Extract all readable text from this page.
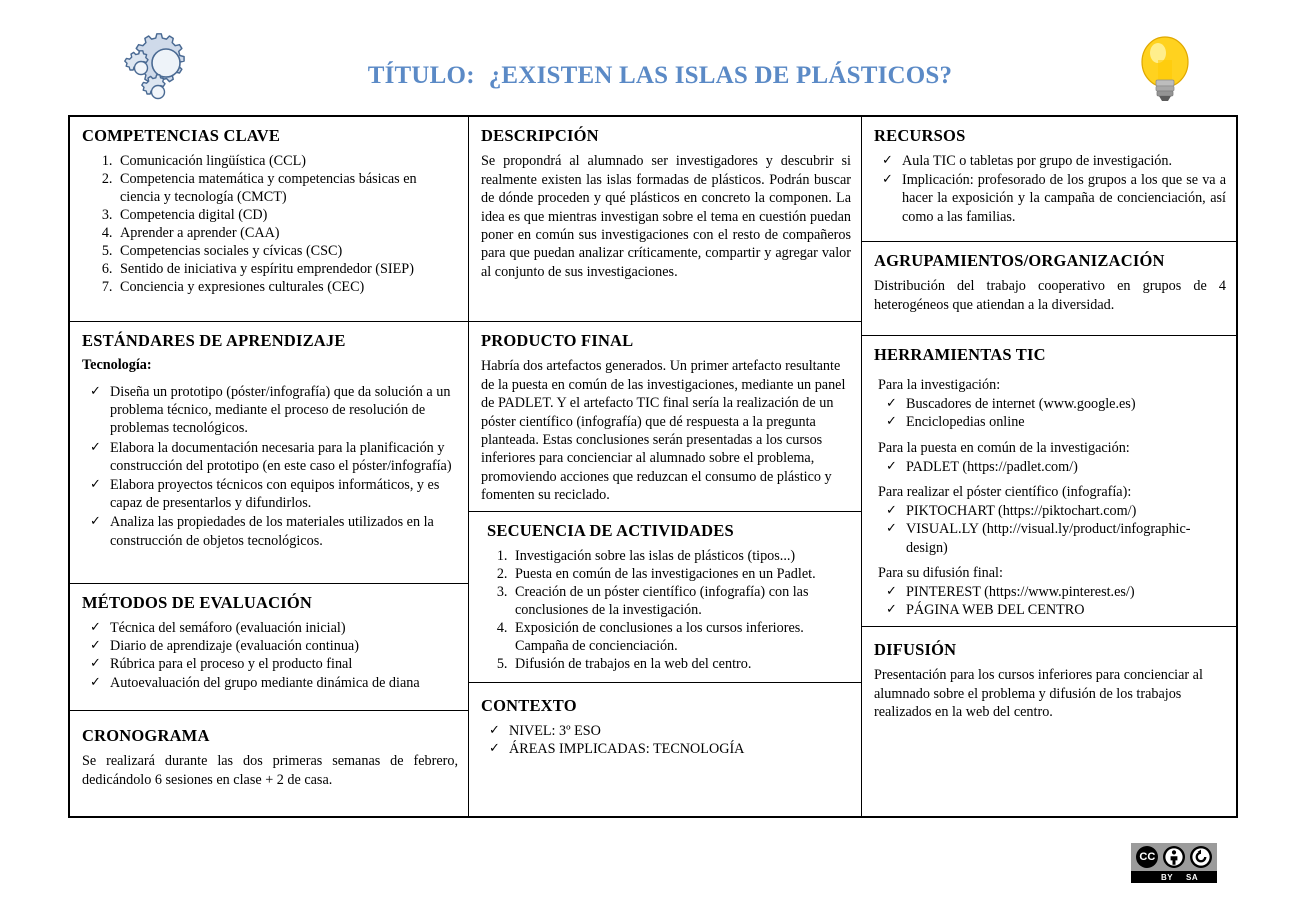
TÍTULO: ¿EXISTEN LAS ISLAS DE PLÁSTICOS?
COMPETENCIAS CLAVE
1. Comunicación lingüística (CCL)
2. Competencia matemática y competencias básicas en ciencia y tecnología (CMCT)
3. Competencia digital (CD)
4. Aprender a aprender (CAA)
5. Competencias sociales y cívicas (CSC)
6. Sentido de iniciativa y espíritu emprendedor (SIEP)
7. Conciencia y expresiones culturales (CEC)
ESTÁNDARES DE APRENDIZAJE
Tecnología:
✓ Diseña un prototipo (póster/infografía) que da solución a un problema técnico, mediante el proceso de resolución de problemas tecnológicos.
✓ Elabora la documentación necesaria para la planificación y construcción del prototipo (en este caso el póster/infografía)
✓ Elabora proyectos técnicos con equipos informáticos, y es capaz de presentarlos y difundirlos.
✓ Analiza las propiedades de los materiales utilizados en la construcción de objetos tecnológicos.
MÉTODOS DE EVALUACIÓN
✓ Técnica del semáforo (evaluación inicial)
✓ Diario de aprendizaje (evaluación continua)
✓ Rúbrica para el proceso y el producto final
✓ Autoevaluación del grupo mediante dinámica de diana
CRONOGRAMA

Se realizará durante las dos primeras semanas de febrero, dedicándolo 6 sesiones en clase + 2 de casa.

DESCRIPCIÓN

Se propondrá al alumnado ser investigadores y descubrir si realmente existen las islas formadas de plásticos. Podrán buscar de dónde proceden y qué plásticos en concreto la componen. La idea es que mientras investigan sobre el tema en cuestión puedan poner en común sus investigaciones con el resto de compañeros para que puedan analizar críticamente, compartir y agregar valor al conjunto de sus investigaciones.

PRODUCTO FINAL

Habría dos artefactos generados. Un primer artefacto resultante de la puesta en común de las investigaciones, mediante un panel de PADLET. Y el artefacto TIC final sería la realización de un póster científico (infografía) que dé respuesta a la pregunta planteada. Estas conclusiones serán presentadas a los cursos inferiores para concienciar al alumnado sobre el problema, promoviendo acciones que reduzcan el consumo de plástico y fomenten su reciclado.

SECUENCIA DE ACTIVIDADES
1. Investigación sobre las islas de plásticos (tipos...)
2. Puesta en común de las investigaciones en un Padlet.
3. Creación de un póster científico (infografía) con las conclusiones de la investigación.
4. Exposición de conclusiones a los cursos inferiores. Campaña de concienciación.
5. Difusión de trabajos en la web del centro.
CONTEXTO
✓ NIVEL: 3º ESO
✓ ÁREAS IMPLICADAS: TECNOLOGÍA
RECURSOS
✓ Aula TIC o tabletas por grupo de investigación.
✓ Implicación: profesorado de los grupos a los que se va a hacer la exposición y la campaña de concienciación, así como a las familias.
AGRUPAMIENTOS/ORGANIZACIÓN

Distribución del trabajo cooperativo en grupos de 4 heterogéneos que atiendan a la diversidad.

HERRAMIENTAS TIC
Para la investigación:
✓ Buscadores de internet (www.google.es)
✓ Enciclopedias online
Para la puesta en común de la investigación:
✓ PADLET (https://padlet.com/)
Para realizar el póster científico (infografía):
✓ PIKTOCHART (https://piktochart.com/)
✓ VISUAL.LY (http://visual.ly/product/infographic-design)
Para su difusión final:
✓ PINTEREST (https://www.pinterest.es/)
✓ PÁGINA WEB DEL CENTRO
DIFUSIÓN

Presentación para los cursos inferiores para concienciar al alumnado sobre el problema y difusión de los trabajos realizados en la web del centro.

CC
BY SA
